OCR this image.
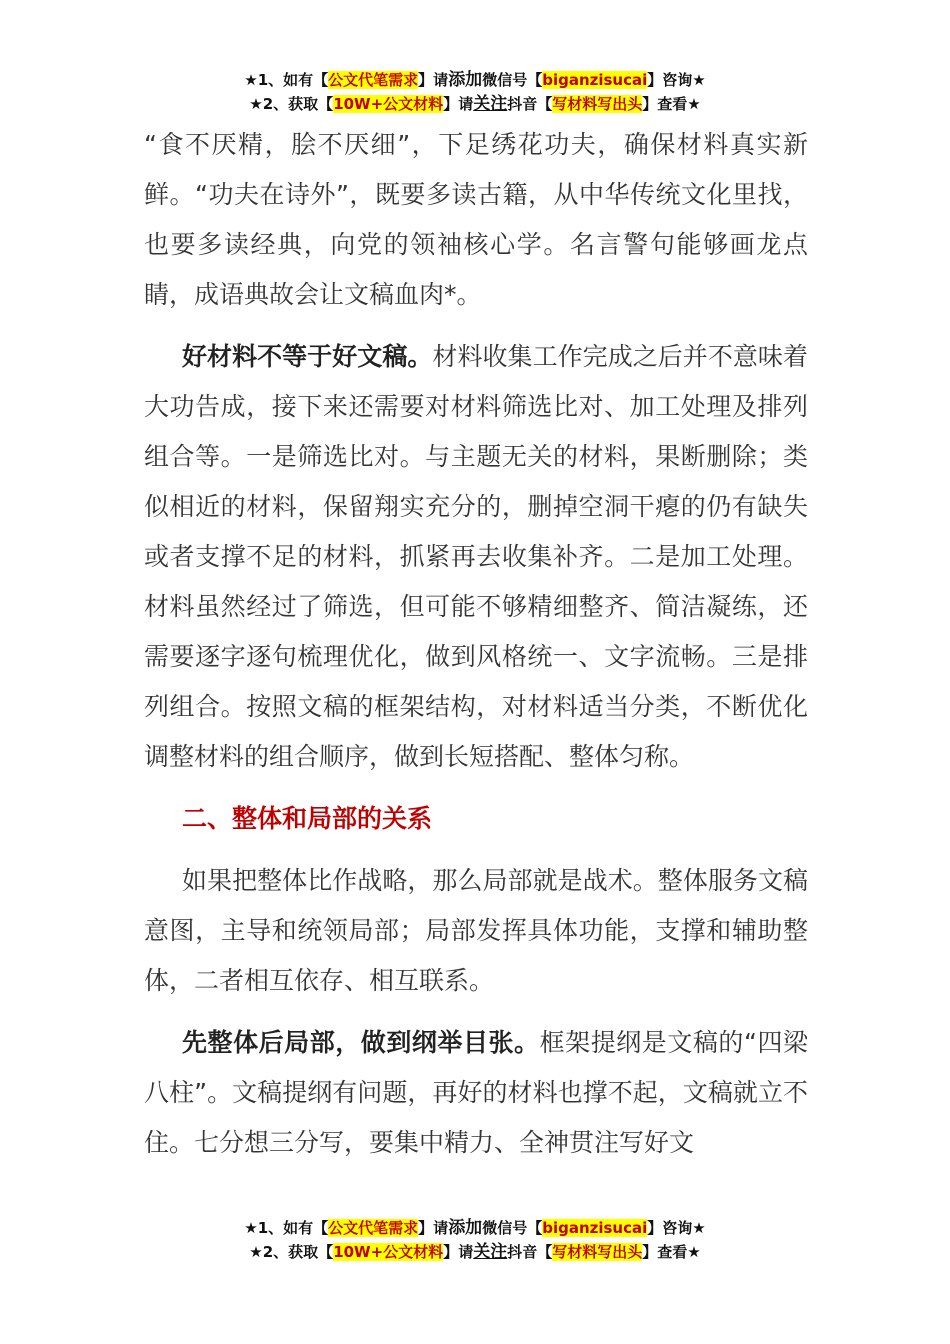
★1、如有【公文代笔需求】请添加微信号【biganzisucai】咨询★
★2、获取【10W+公文材料】请关注抖音【写材料写出头】查看★

“食不厌精，脍不厌细”，下足绣花功夫，确保材料真实新鲜。“功夫在诗外”，既要多读古籍，从中华传统文化里找，也要多读经典，向党的领袖核心学。名言警句能够画龙点睛，成语典故会让文稿血肉*。

好材料不等于好文稿。材料收集工作完成之后并不意味着大功告成，接下来还需要对材料筛选比对、加工处理及排列组合等。一是筛选比对。与主题无关的材料，果断删除；类似相近的材料，保留翔实充分的，删掉空洞干瘪的仍有缺失或者支撑不足的材料，抓紧再去收集补齐。二是加工处理。材料虽然经过了筛选，但可能不够精细整齐、简洁凝练，还需要逐字逐句梳理优化，做到风格统一、文字流畅。三是排列组合。按照文稿的框架结构，对材料适当分类，不断优化调整材料的组合顺序，做到长短搭配、整体匀称。

二、整体和局部的关系

如果把整体比作战略，那么局部就是战术。整体服务文稿意图，主导和统领局部；局部发挥具体功能，支撑和辅助整体，二者相互依存、相互联系。

先整体后局部，做到纲举目张。框架提纲是文稿的“四梁八柱”。文稿提纲有问题，再好的材料也撑不起，文稿就立不住。七分想三分写，要集中精力、全神贯注写好文

★1、如有【公文代笔需求】请添加微信号【biganzisucai】咨询★
★2、获取【10W+公文材料】请关注抖音【写材料写出头】查看★
